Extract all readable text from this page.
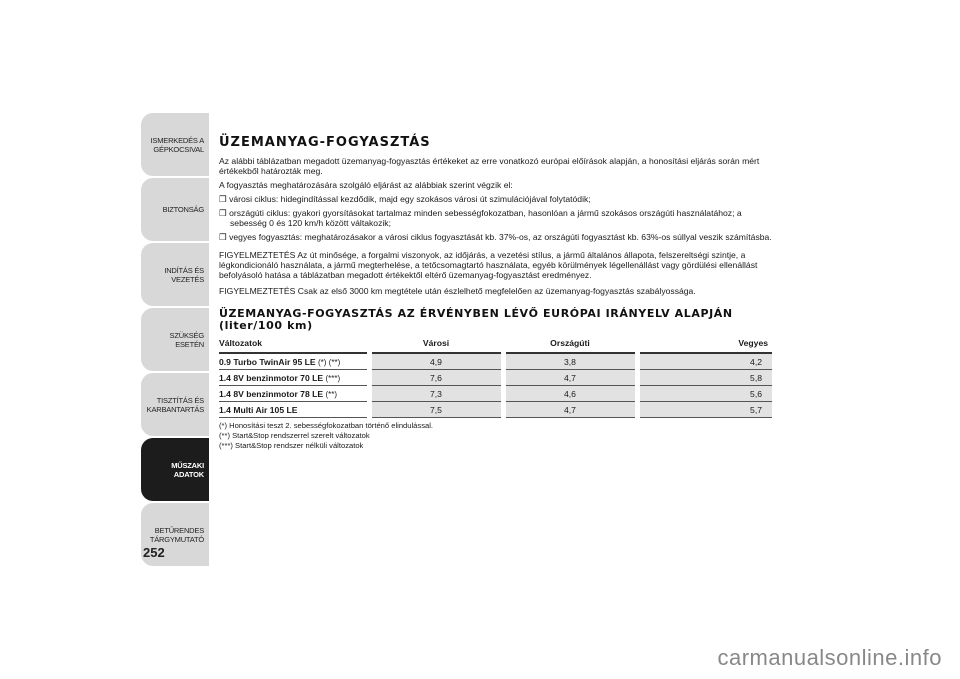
ISMERKEDÉS A GÉPKOCSIVAL
BIZTONSÁG
INDÍTÁS ÉS VEZETÉS
SZÜKSÉG ESETÉN
TISZTÍTÁS ÉS KARBANTARTÁS
MŰSZAKI ADATOK
BETŰRENDES TÁRGYMUTATÓ
252
ÜZEMANYAG-FOGYASZTÁS

Az alábbi táblázatban megadott üzemanyag-fogyasztás értékeket az erre vonatkozó európai előírások alapján, a honosítási eljárás során mért értékekből határozták meg.

A fogyasztás meghatározására szolgáló eljárást az alábbiak szerint végzik el:

❒ városi ciklus: hidegindítással kezdődik, majd egy szokásos városi út szimulációjával folytatódik;

❒ országúti ciklus: gyakori gyorsításokat tartalmaz minden sebességfokozatban, hasonlóan a jármű szokásos országúti használatához; a sebesség 0 és 120 km/h között váltakozik;

❒ vegyes fogyasztás: meghatározásakor a városi ciklus fogyasztását kb. 37%-os, az országúti fogyasztást kb. 63%-os súllyal veszik számításba.

FIGYELMEZTETÉS Az út minősége, a forgalmi viszonyok, az időjárás, a vezetési stílus, a jármű általános állapota, felszereltségi szintje, a légkondicionáló használata, a jármű megterhelése, a tetőcsomagtartó használata, egyéb körülmények légellenállást vagy gördülési ellenállást befolyásoló hatása a táblázatban megadott értékektől eltérő üzemanyag-fogyasztást eredményez.

FIGYELMEZTETÉS Csak az első 3000 km megtétele után észlelhető megfelelően az üzemanyag-fogyasztás szabályossága.

ÜZEMANYAG-FOGYASZTÁS AZ ÉRVÉNYBEN LÉVŐ EURÓPAI IRÁNYELV ALAPJÁN
(liter/100 km)
Változatok	Városi	Országúti	Vegyes
0.9 Turbo TwinAir 95 LE (*) (**)	4,9	3,8	4,2
1.4 8V benzinmotor 70 LE (***)	7,6	4,7	5,8
1.4 8V benzinmotor 78 LE (**)	7,3	4,6	5,6
1.4 Multi Air 105 LE	7,5	4,7	5,7

(*) Honosítási teszt 2. sebességfokozatban történő elindulással.

(**) Start&Stop rendszerrel szerelt változatok

(***) Start&Stop rendszer nélküli változatok

carmanualsonline.info
